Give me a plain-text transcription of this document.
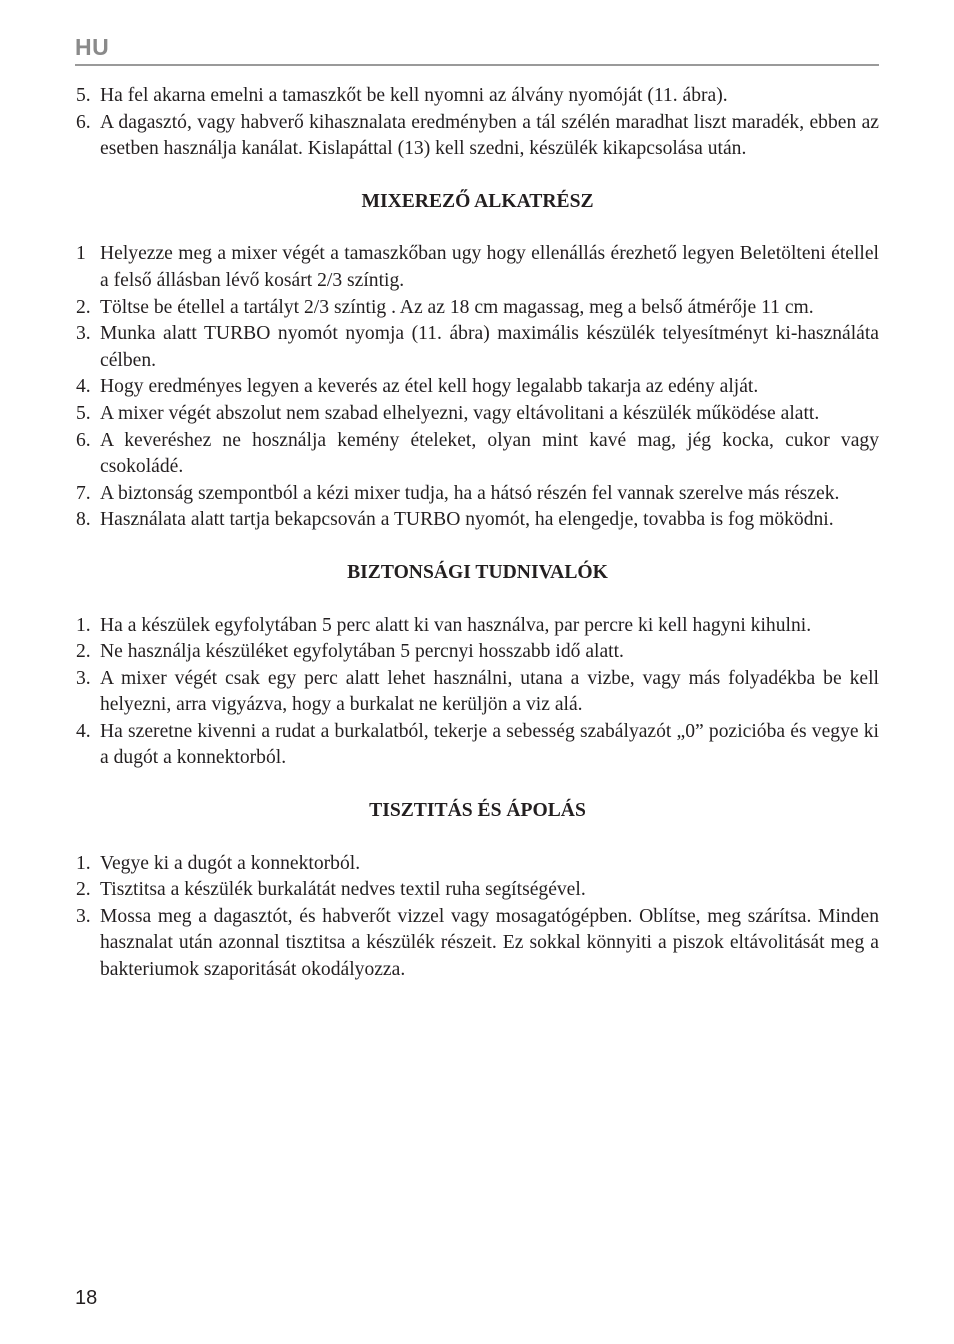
HU
5. Ha fel akarna emelni a tamaszkőt be kell nyomni az álvány nyomóját (11. ábra).
6. A dagasztó, vagy habverő kihasznalata eredményben a tál szélén maradhat liszt maradék, ebben az esetben használja kanálat. Kislapáttal (13) kell szedni, készülék kikapcsolása után.
MIXEREZŐ ALKATRÉSZ
1 Helyezze meg a mixer végét a tamaszkőban ugy hogy ellenállás érezhető legyen Beletölteni étellel a felső állásban lévő kosárt 2/3 színtig.
2. Töltse be étellel a tartályt 2/3 színtig . Az az 18 cm magassag, meg a belső átmérője 11 cm.
3. Munka alatt TURBO nyomót nyomja (11. ábra) maximális készülék telyesítményt ki-használáta célben.
4. Hogy eredményes legyen a keverés az étel kell hogy legalabb takarja az edény alját.
5. A mixer végét abszolut nem szabad elhelyezni, vagy eltávolitani a készülék működése alatt.
6. A keveréshez ne hosználja kemény ételeket, olyan mint kavé mag, jég kocka, cukor vagy csokoládé.
7. A biztonság szempontból a kézi mixer tudja, ha a hátsó részén fel vannak szerelve más részek.
8. Használata alatt tartja bekapcsován a TURBO nyomót, ha elengedje, tovabba is fog möködni.
BIZTONSÁGI TUDNIVALÓK
1. Ha a készülek egyfolytában 5 perc alatt ki van használva, par percre ki kell hagyni kihulni.
2. Ne használja készüléket egyfolytában 5 percnyi hosszabb idő alatt.
3. A mixer végét csak egy perc alatt lehet használni, utana a vizbe, vagy más folyadékba be kell helyezni, arra vigyázva, hogy a burkalat ne kerüljön a viz alá.
4. Ha szeretne kivenni a rudat a burkalatból, tekerje a sebesség szabályazót „0” pozicióba és vegye ki a dugót a konnektorból.
TISZTITÁS ÉS ÁPOLÁS
1. Vegye ki a dugót a konnektorból.
2. Tisztitsa a készülék burkalátát nedves textil ruha segítségével.
3. Mossa meg a dagasztót, és habverőt vizzel vagy mosagatógépben. Oblítse, meg szárítsa. Minden hasznalat után azonnal tisztitsa a készülék részeit. Ez sokkal könnyiti a piszok eltávolitását meg a bakteriumok szaporitását okodályozza.
18
